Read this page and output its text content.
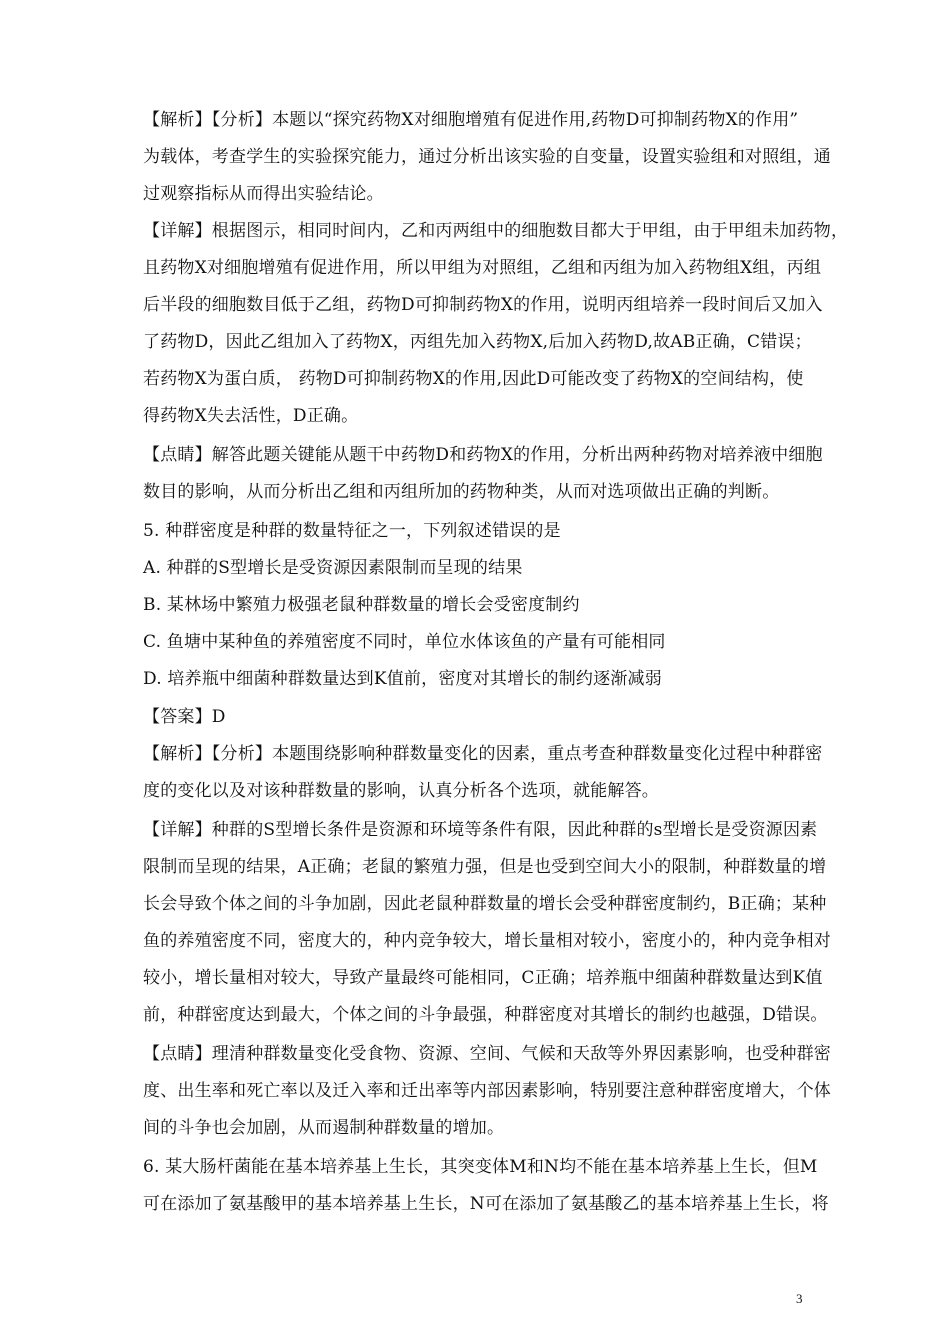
【解析】【分析】本题以“探究药物X对细胞增殖有促进作用,药物D可抑制药物X的作用”
为载体，考查学生的实验探究能力，通过分析出该实验的自变量，设置实验组和对照组，通
过观察指标从而得出实验结论。
【详解】根据图示，相同时间内，乙和丙两组中的细胞数目都大于甲组，由于甲组未加药物，
且药物X对细胞增殖有促进作用，所以甲组为对照组，乙组和丙组为加入药物组X组，丙组
后半段的细胞数目低于乙组，药物D可抑制药物X的作用，说明丙组培养一段时间后又加入
了药物D，因此乙组加入了药物X，丙组先加入药物X,后加入药物D,故AB正确，C错误；
若药物X为蛋白质， 药物D可抑制药物X的作用,因此D可能改变了药物X的空间结构，使
得药物X失去活性，D正确。
【点睛】解答此题关键能从题干中药物D和药物X的作用，分析出两种药物对培养液中细胞
数目的影响，从而分析出乙组和丙组所加的药物种类，从而对选项做出正确的判断。
5. 种群密度是种群的数量特征之一，下列叙述错误的是
A. 种群的S型增长是受资源因素限制而呈现的结果
B. 某林场中繁殖力极强老鼠种群数量的增长会受密度制约
C. 鱼塘中某种鱼的养殖密度不同时，单位水体该鱼的产量有可能相同
D. 培养瓶中细菌种群数量达到K值前，密度对其增长的制约逐渐减弱
【答案】D
【解析】【分析】本题围绕影响种群数量变化的因素，重点考查种群数量变化过程中种群密
度的变化以及对该种群数量的影响，认真分析各个选项，就能解答。
【详解】种群的S型增长条件是资源和环境等条件有限，因此种群的s型增长是受资源因素
限制而呈现的结果，A正确；老鼠的繁殖力强，但是也受到空间大小的限制，种群数量的增
长会导致个体之间的斗争加剧，因此老鼠种群数量的增长会受种群密度制约，B正确；某种
鱼的养殖密度不同，密度大的，种内竞争较大，增长量相对较小，密度小的，种内竞争相对
较小，增长量相对较大，导致产量最终可能相同，C正确；培养瓶中细菌种群数量达到K值
前，种群密度达到最大，个体之间的斗争最强，种群密度对其增长的制约也越强，D错误。
【点睛】理清种群数量变化受食物、资源、空间、气候和天敌等外界因素影响，也受种群密
度、出生率和死亡率以及迁入率和迁出率等内部因素影响，特别要注意种群密度增大，个体
间的斗争也会加剧，从而遏制种群数量的增加。
6. 某大肠杆菌能在基本培养基上生长，其突变体M和N均不能在基本培养基上生长，但M
可在添加了氨基酸甲的基本培养基上生长，N可在添加了氨基酸乙的基本培养基上生长，将
3
